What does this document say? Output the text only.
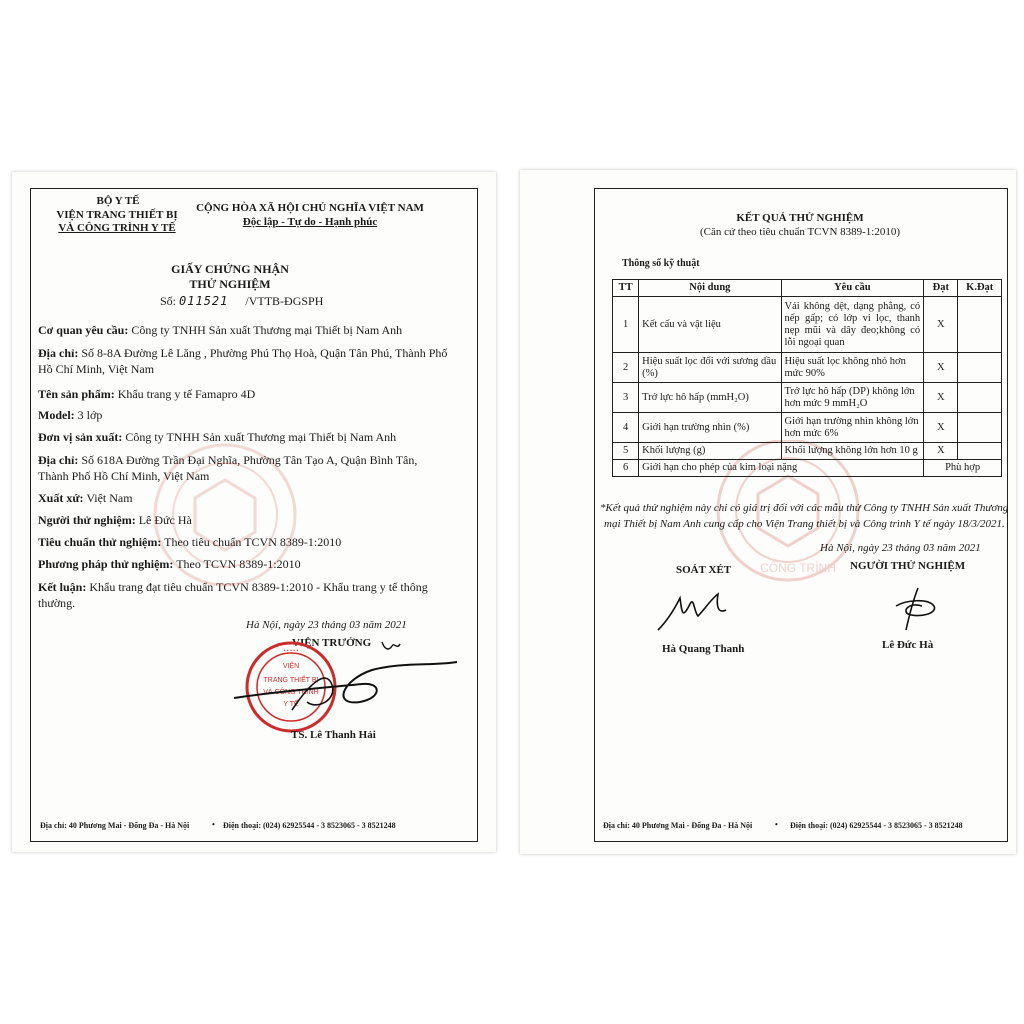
BỘ Y TẾ
VIỆN TRANG THIẾT BỊ
VÀ CÔNG TRÌNH Y TẾ
CỘNG HÒA XÃ HỘI CHỦ NGHĨA VIỆT NAM
Độc lập - Tự do - Hạnh phúc
GIẤY CHỨNG NHẬN
THỬ NGHIỆM
Số: 011521 /VTTB-ĐGSPH
Cơ quan yêu cầu: Công ty TNHH Sản xuất Thương mại Thiết bị Nam Anh
Địa chỉ: Số 8-8A Đường Lê Lăng , Phường Phú Thọ Hoà, Quận Tân Phú, Thành Phố
Hồ Chí Minh, Việt Nam
Tên sản phẩm: Khẩu trang y tế Famapro 4D
Model: 3 lớp
Đơn vị sản xuất: Công ty TNHH Sản xuất Thương mại Thiết bị Nam Anh
Địa chỉ: Số 618A Đường Trần Đại Nghĩa, Phường Tân Tạo A, Quận Bình Tân,
Thành Phố Hồ Chí Minh, Việt Nam
Xuất xứ: Việt Nam
Người thử nghiệm: Lê Đức Hà
Tiêu chuẩn thử nghiệm: Theo tiêu chuẩn TCVN 8389-1:2010
Phương pháp thử nghiệm: Theo TCVN 8389-1:2010
Kết luận: Khẩu trang đạt tiêu chuẩn TCVN 8389-1:2010 - Khẩu trang y tế thông
thường.
Hà Nội, ngày 23 tháng 03 năm 2021
VIỆN TRƯỞNG
VIỆN
TRANG THIẾT BỊ
VÀ CÔNG TRÌNH
Y TẾ
• • • • •
TS. Lê Thanh Hải
Địa chỉ: 40 Phương Mai - Đống Đa - Hà Nội	• Điện thoại: (024) 62925544 - 3 8523065 - 3 8521248
KẾT QUẢ THỬ NGHIỆM
(Căn cứ theo tiêu chuẩn TCVN 8389-1:2010)
Thông số kỹ thuật
CÔNG TRÌNH
TT	Nội dung	Yêu cầu	Đạt	K.Đạt
1	Kết cấu và vật liệu	Vải không dệt, dạng phẳng, có nếp gấp; có lớp vi lọc, thanh nẹp mũi và dây đeo;không có lỗi ngoại quan	X	
2	Hiệu suất lọc đối với sương dầu (%)	Hiệu suất lọc không nhỏ hơn mức 90%	X	
3	Trở lực hô hấp (mmH₂O)	Trở lực hô hấp (DP) không lớn hơn mức 9 mmH₂O	X	
4	Giới hạn trường nhìn (%)	Giới hạn trường nhìn không lớn hơn mức 6%	X	
5	Khối lượng (g)	Khối lượng không lớn hơn 10 g	X	
6	Giới hạn cho phép của kim loại nặng		Phù hợp	
*Kết quả thử nghiệm này chỉ có giá trị đối với các mẫu thử Công ty TNHH Sản xuất Thương
mại Thiết bị Nam Anh cung cấp cho Viện Trang thiết bị và Công trình Y tế ngày 18/3/2021.
Hà Nội, ngày 23 tháng 03 năm 2021
SOÁT XÉT	NGƯỜI THỬ NGHIỆM
Hà Quang Thanh	Lê Đức Hà
Địa chỉ: 40 Phương Mai - Đống Đa - Hà Nội	• Điện thoại: (024) 62925544 - 3 8523065 - 3 8521248
